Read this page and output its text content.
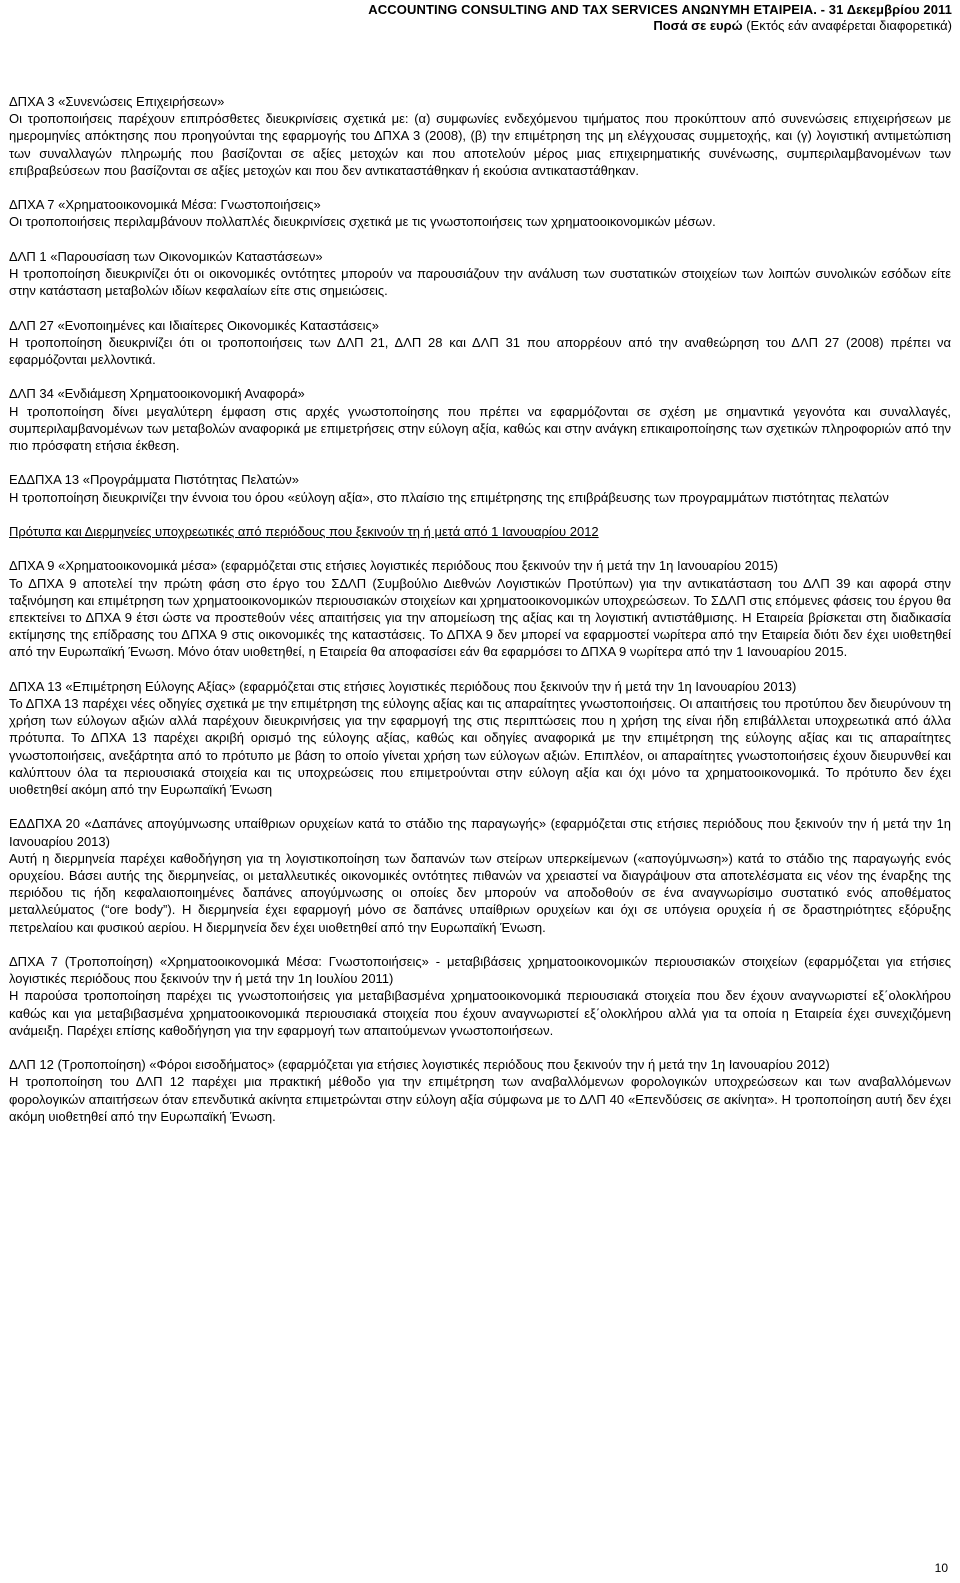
ACCOUNTING CONSULTING AND TAX SERVICES ΑΝΩΝΥΜΗ ΕΤΑΙΡΕΙΑ. - 31 Δεκεμβρίου 2011
Ποσά σε ευρώ (Εκτός εάν αναφέρεται διαφορετικά)

ΔΠΧΑ 3 «Συνενώσεις Επιχειρήσεων»

Οι τροποποιήσεις παρέχουν επιπρόσθετες διευκρινίσεις σχετικά με: (α) συμφωνίες ενδεχόμενου τιμήματος που προκύπτουν από συνενώσεις επιχειρήσεων με ημερομηνίες απόκτησης που προηγούνται της εφαρμογής του ΔΠΧΑ 3 (2008), (β) την επιμέτρηση της μη ελέγχουσας συμμετοχής, και (γ) λογιστική αντιμετώπιση των συναλλαγών πληρωμής που βασίζονται σε αξίες μετοχών και που αποτελούν μέρος μιας επιχειρηματικής συνένωσης, συμπεριλαμβανομένων των επιβραβεύσεων που βασίζονται σε αξίες μετοχών και που δεν αντικαταστάθηκαν ή εκούσια αντικαταστάθηκαν.

ΔΠΧΑ 7 «Χρηματοοικονομικά Μέσα: Γνωστοποιήσεις»

Οι τροποποιήσεις περιλαμβάνουν πολλαπλές διευκρινίσεις σχετικά με τις γνωστοποιήσεις των χρηματοοικονομικών μέσων.

ΔΛΠ 1 «Παρουσίαση των Οικονομικών Καταστάσεων»

Η τροποποίηση διευκρινίζει ότι οι οικονομικές οντότητες μπορούν να παρουσιάζουν την ανάλυση των συστατικών στοιχείων των λοιπών συνολικών εσόδων είτε στην κατάσταση μεταβολών ιδίων κεφαλαίων είτε στις σημειώσεις.

ΔΛΠ 27 «Ενοποιημένες και Ιδιαίτερες Οικονομικές Καταστάσεις»

Η τροποποίηση διευκρινίζει ότι οι τροποποιήσεις των ΔΛΠ 21, ΔΛΠ 28 και ΔΛΠ 31 που απορρέουν από την αναθεώρηση του ΔΛΠ 27 (2008) πρέπει να εφαρμόζονται μελλοντικά.

ΔΛΠ 34 «Ενδιάμεση Χρηματοοικονομική Αναφορά»

Η τροποποίηση δίνει μεγαλύτερη έμφαση στις αρχές γνωστοποίησης που πρέπει να εφαρμόζονται σε σχέση με σημαντικά γεγονότα και συναλλαγές, συμπεριλαμβανομένων των μεταβολών αναφορικά με επιμετρήσεις στην εύλογη αξία, καθώς και στην ανάγκη επικαιροποίησης των σχετικών πληροφοριών από την πιο πρόσφατη ετήσια έκθεση.

ΕΔΔΠΧΑ 13 «Προγράμματα Πιστότητας Πελατών»

Η τροποποίηση διευκρινίζει την έννοια του όρου «εύλογη αξία», στο πλαίσιο της επιμέτρησης της επιβράβευσης των προγραμμάτων πιστότητας πελατών

Πρότυπα και Διερμηνείες υποχρεωτικές από περιόδους που ξεκινούν τη ή μετά από 1 Ιανουαρίου 2012

ΔΠΧΑ 9 «Χρηματοοικονομικά μέσα» (εφαρμόζεται στις ετήσιες λογιστικές περιόδους που ξεκινούν την ή μετά την 1η Ιανουαρίου 2015)

Το ΔΠΧΑ 9 αποτελεί την πρώτη φάση στο έργο του ΣΔΛΠ (Συμβούλιο Διεθνών Λογιστικών Προτύπων) για την αντικατάσταση του ΔΛΠ 39 και αφορά στην ταξινόμηση και επιμέτρηση των χρηματοοικονομικών περιουσιακών στοιχείων και χρηματοοικονομικών υποχρεώσεων. Το ΣΔΛΠ στις επόμενες φάσεις του έργου θα επεκτείνει το ΔΠΧΑ 9 έτσι ώστε να προστεθούν νέες απαιτήσεις για την απομείωση της αξίας και τη λογιστική αντιστάθμισης. Η Εταιρεία βρίσκεται στη διαδικασία εκτίμησης της επίδρασης του ΔΠΧΑ 9 στις οικονομικές της καταστάσεις. Το ΔΠΧΑ 9 δεν μπορεί να εφαρμοστεί νωρίτερα από την Εταιρεία διότι δεν έχει υιοθετηθεί από την Ευρωπαϊκή Ένωση. Μόνο όταν υιοθετηθεί, η Εταιρεία θα αποφασίσει εάν θα εφαρμόσει το ΔΠΧΑ 9 νωρίτερα από την 1 Ιανουαρίου 2015.

ΔΠΧΑ 13 «Επιμέτρηση Εύλογης Αξίας» (εφαρμόζεται στις ετήσιες λογιστικές περιόδους που ξεκινούν την ή μετά την 1η Ιανουαρίου 2013)

Το ΔΠΧΑ 13 παρέχει νέες οδηγίες σχετικά με την επιμέτρηση της εύλογης αξίας και τις απαραίτητες γνωστοποιήσεις. Οι απαιτήσεις του προτύπου δεν διευρύνουν τη χρήση των εύλογων αξιών αλλά παρέχουν διευκρινήσεις για την εφαρμογή της στις περιπτώσεις που η χρήση της είναι ήδη επιβάλλεται υποχρεωτικά από άλλα πρότυπα. Το ΔΠΧΑ 13 παρέχει ακριβή ορισμό της εύλογης αξίας, καθώς και οδηγίες αναφορικά με την επιμέτρηση της εύλογης αξίας και τις απαραίτητες γνωστοποιήσεις, ανεξάρτητα από το πρότυπο με βάση το οποίο γίνεται χρήση των εύλογων αξιών. Επιπλέον, οι απαραίτητες γνωστοποιήσεις έχουν διευρυνθεί και καλύπτουν όλα τα περιουσιακά στοιχεία και τις υποχρεώσεις που επιμετρούνται στην εύλογη αξία και όχι μόνο τα χρηματοοικονομικά. Το πρότυπο δεν έχει υιοθετηθεί ακόμη από την Ευρωπαϊκή Ένωση

ΕΔΔΠΧΑ 20 «Δαπάνες απογύμνωσης υπαίθριων ορυχείων κατά το στάδιο της παραγωγής» (εφαρμόζεται στις ετήσιες περιόδους που ξεκινούν την ή μετά την 1η Ιανουαρίου 2013)

Αυτή η διερμηνεία παρέχει καθοδήγηση για τη λογιστικοποίηση των δαπανών των στείρων υπερκείμενων («απογύμνωση») κατά το στάδιο της παραγωγής ενός ορυχείου. Βάσει αυτής της διερμηνείας, οι μεταλλευτικές οικονομικές οντότητες πιθανών να χρειαστεί να διαγράψουν στα αποτελέσματα εις νέον της έναρξης της περιόδου τις ήδη κεφαλαιοποιημένες δαπάνες απογύμνωσης οι οποίες δεν μπορούν να αποδοθούν σε ένα αναγνωρίσιμο συστατικό ενός αποθέματος μεταλλεύματος (“ore body”). Η διερμηνεία έχει εφαρμογή μόνο σε δαπάνες υπαίθριων ορυχείων και όχι σε υπόγεια ορυχεία ή σε δραστηριότητες εξόρυξης πετρελαίου και φυσικού αερίου. Η διερμηνεία δεν έχει υιοθετηθεί από την Ευρωπαϊκή Ένωση.

ΔΠΧΑ 7 (Τροποποίηση) «Χρηματοοικονομικά Μέσα: Γνωστοποιήσεις» - μεταβιβάσεις χρηματοοικονομικών περιουσιακών στοιχείων (εφαρμόζεται για ετήσιες λογιστικές περιόδους που ξεκινούν την ή μετά την 1η Ιουλίου 2011)

Η παρούσα τροποποίηση παρέχει τις γνωστοποιήσεις για μεταβιβασμένα χρηματοοικονομικά περιουσιακά στοιχεία που δεν έχουν αναγνωριστεί εξ΄ολοκλήρου καθώς και για μεταβιβασμένα χρηματοοικονομικά περιουσιακά στοιχεία που έχουν αναγνωριστεί εξ΄ολοκλήρου αλλά για τα οποία η Εταιρεία έχει συνεχιζόμενη ανάμειξη. Παρέχει επίσης καθοδήγηση για την εφαρμογή των απαιτούμενων γνωστοποιήσεων.

ΔΛΠ 12 (Τροποποίηση) «Φόροι εισοδήματος» (εφαρμόζεται για ετήσιες λογιστικές περιόδους που ξεκινούν την ή μετά την 1η Ιανουαρίου 2012)

Η τροποποίηση του ΔΛΠ 12 παρέχει μια πρακτική μέθοδο για την επιμέτρηση των αναβαλλόμενων φορολογικών υποχρεώσεων και των αναβαλλόμενων φορολογικών απαιτήσεων όταν επενδυτικά ακίνητα επιμετρώνται στην εύλογη αξία σύμφωνα με το ΔΛΠ 40 «Επενδύσεις σε ακίνητα». Η τροποποίηση αυτή δεν έχει ακόμη υιοθετηθεί από την Ευρωπαϊκή Ένωση.

10
